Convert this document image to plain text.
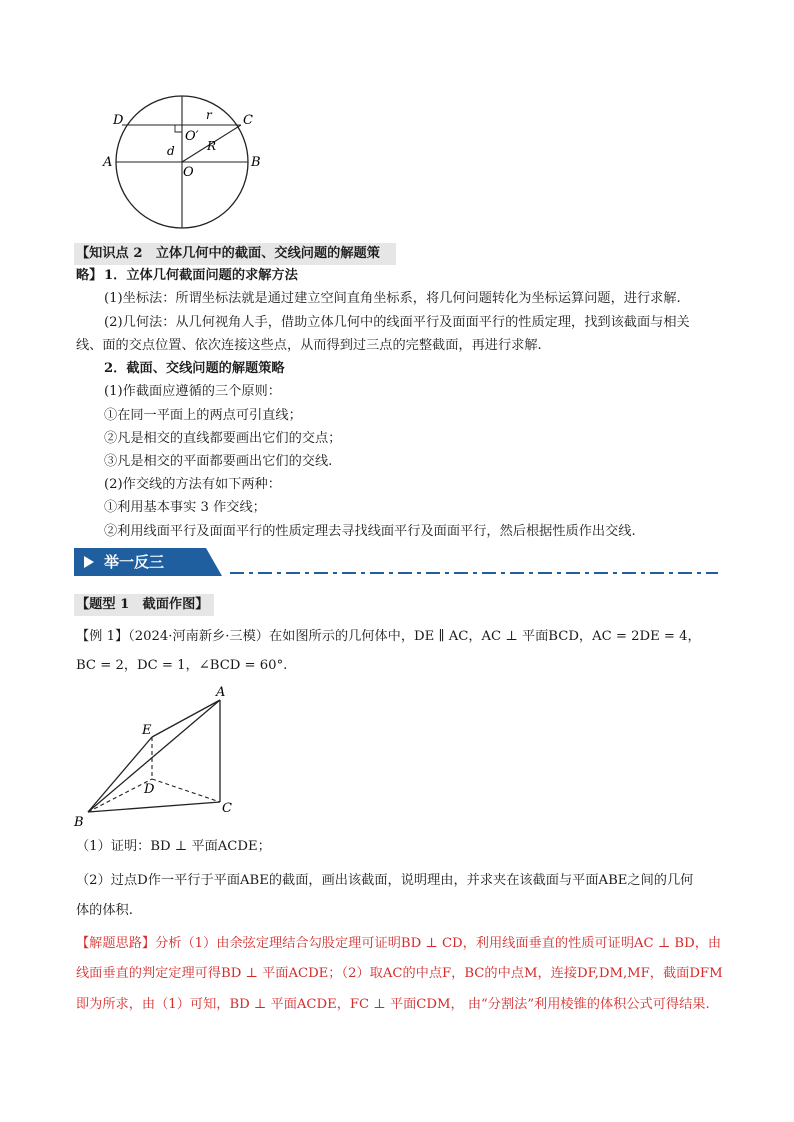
D	C
A	B
O′
O
r
R
d
【知识点 2　立体几何中的截面、交线问题的解题策略】 1．立体几何截面问题的求解方法
(1)坐标法：所谓坐标法就是通过建立空间直角坐标系，将几何问题转化为坐标运算问题，进行求解.
(2)几何法：从几何视角人手，借助立体几何中的线面平行及面面平行的性质定理，找到该截面与相关
线、面的交点位置、依次连接这些点，从而得到过三点的完整截面，再进行求解.
2．截面、交线问题的解题策略
(1)作截面应遵循的三个原则：
①在同一平面上的两点可引直线；
②凡是相交的直线都要画出它们的交点；
③凡是相交的平面都要画出它们的交线.
(2)作交线的方法有如下两种：
①利用基本事实 3 作交线；
②利用线面平行及面面平行的性质定理去寻找线面平行及面面平行，然后根据性质作出交线.
举一反三
【题型 1　截面作图】
【例 1】（2024·河南新乡·三模）在如图所示的几何体中，DE ∥ AC，AC ⊥ 平面BCD，AC = 2DE = 4，
BC = 2，DC = 1，∠BCD = 60°.
A
E
D
C
B
（1）证明：BD ⊥ 平面ACDE；
（2）过点D作一平行于平面ABE的截面，画出该截面，说明理由，并求夹在该截面与平面ABE之间的几何
体的体积.
【解题思路】分析（1）由余弦定理结合勾股定理可证明BD ⊥ CD，利用线面垂直的性质可证明AC ⊥ BD，由
线面垂直的判定定理可得BD ⊥ 平面ACDE；（2）取AC的中点F，BC的中点M，连接DF,DM,MF，截面DFM
即为所求，由（1）可知，BD ⊥ 平面ACDE，FC ⊥ 平面CDM， 由“分割法”利用棱锥的体积公式可得结果.
